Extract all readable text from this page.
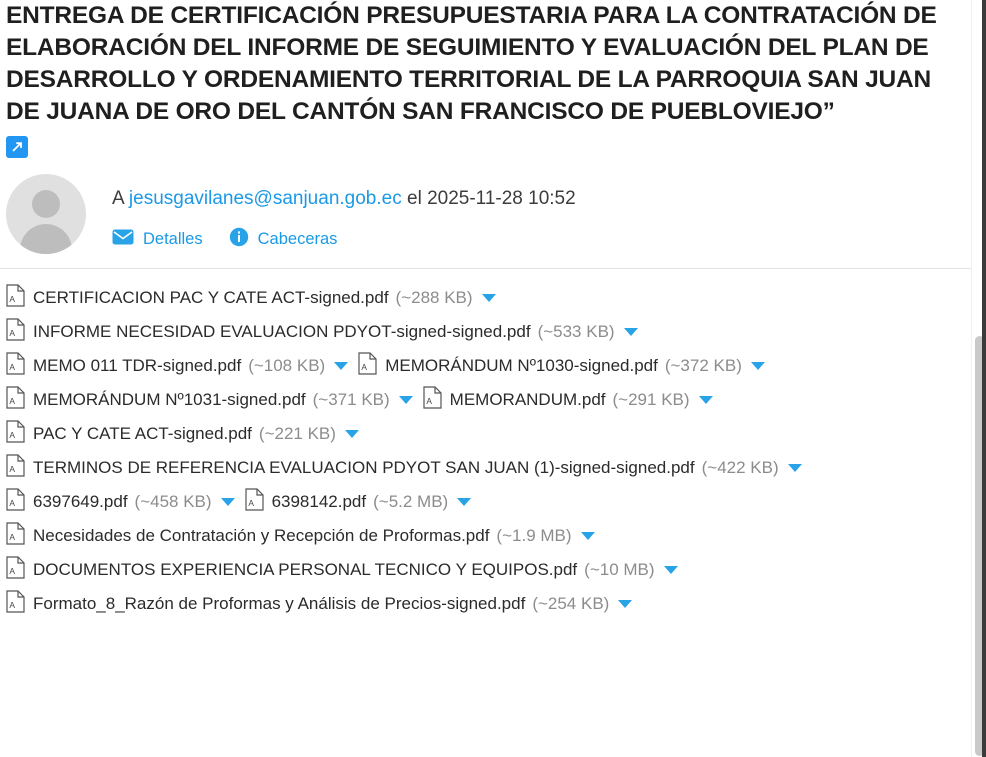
ENTREGA DE CERTIFICACIÓN PRESUPUESTARIA PARA LA CONTRATACIÓN DE ELABORACIÓN DEL INFORME DE SEGUIMIENTO Y EVALUACIÓN DEL PLAN DE DESARROLLO Y ORDENAMIENTO TERRITORIAL DE LA PARROQUIA SAN JUAN DE JUANA DE ORO DEL CANTÓN SAN FRANCISCO DE PUEBLOVIEJO”
A jesusgavilanes@sanjuan.gob.ec el 2025-11-28 10:52
Detalles	Cabeceras
A CERTIFICACION PAC Y CATE ACT-signed.pdf (~288 KB)
A INFORME NECESIDAD EVALUACION PDYOT-signed-signed.pdf (~533 KB)
A MEMO 011 TDR-signed.pdf (~108 KB)	A MEMORÁNDUM Nº1030-signed.pdf (~372 KB)
A MEMORÁNDUM Nº1031-signed.pdf (~371 KB)	A MEMORANDUM.pdf (~291 KB)
A PAC Y CATE ACT-signed.pdf (~221 KB)
A TERMINOS DE REFERENCIA EVALUACION PDYOT SAN JUAN (1)-signed-signed.pdf (~422 KB)
A 6397649.pdf (~458 KB)	A 6398142.pdf (~5.2 MB)
A Necesidades de Contratación y Recepción de Proformas.pdf (~1.9 MB)
A DOCUMENTOS EXPERIENCIA PERSONAL TECNICO Y EQUIPOS.pdf (~10 MB)
A Formato_8_Razón de Proformas y Análisis de Precios-signed.pdf (~254 KB)
